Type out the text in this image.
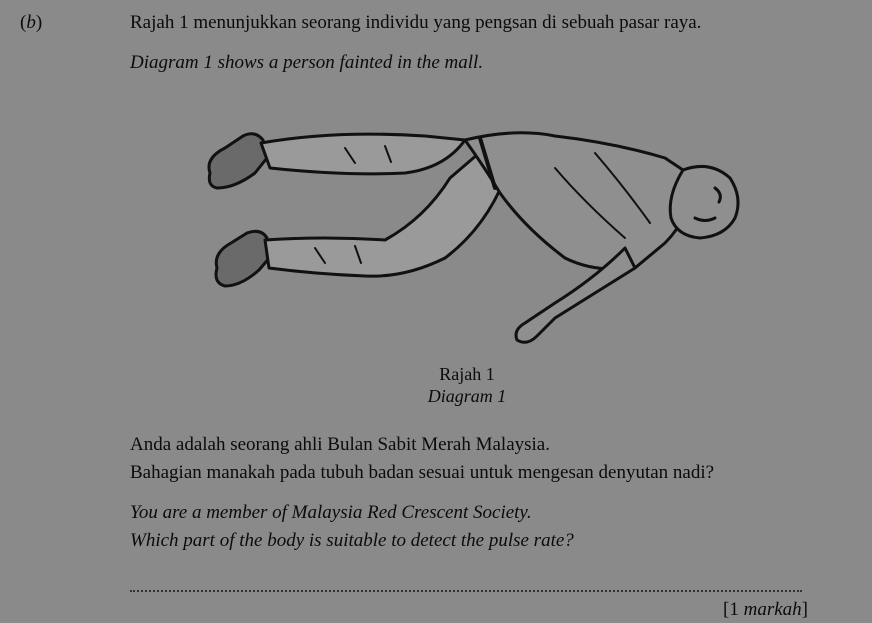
(b)	Rajah 1 menunjukkan seorang individu yang pengsan di sebuah pasar raya.
Diagram 1 shows a person fainted in the mall.
Rajah 1
Diagram 1
Anda adalah seorang ahli Bulan Sabit Merah Malaysia.
Bahagian manakah pada tubuh badan sesuai untuk mengesan denyutan nadi?
You are a member of Malaysia Red Crescent Society.
Which part of the body is suitable to detect the pulse rate?
[1 markah]
